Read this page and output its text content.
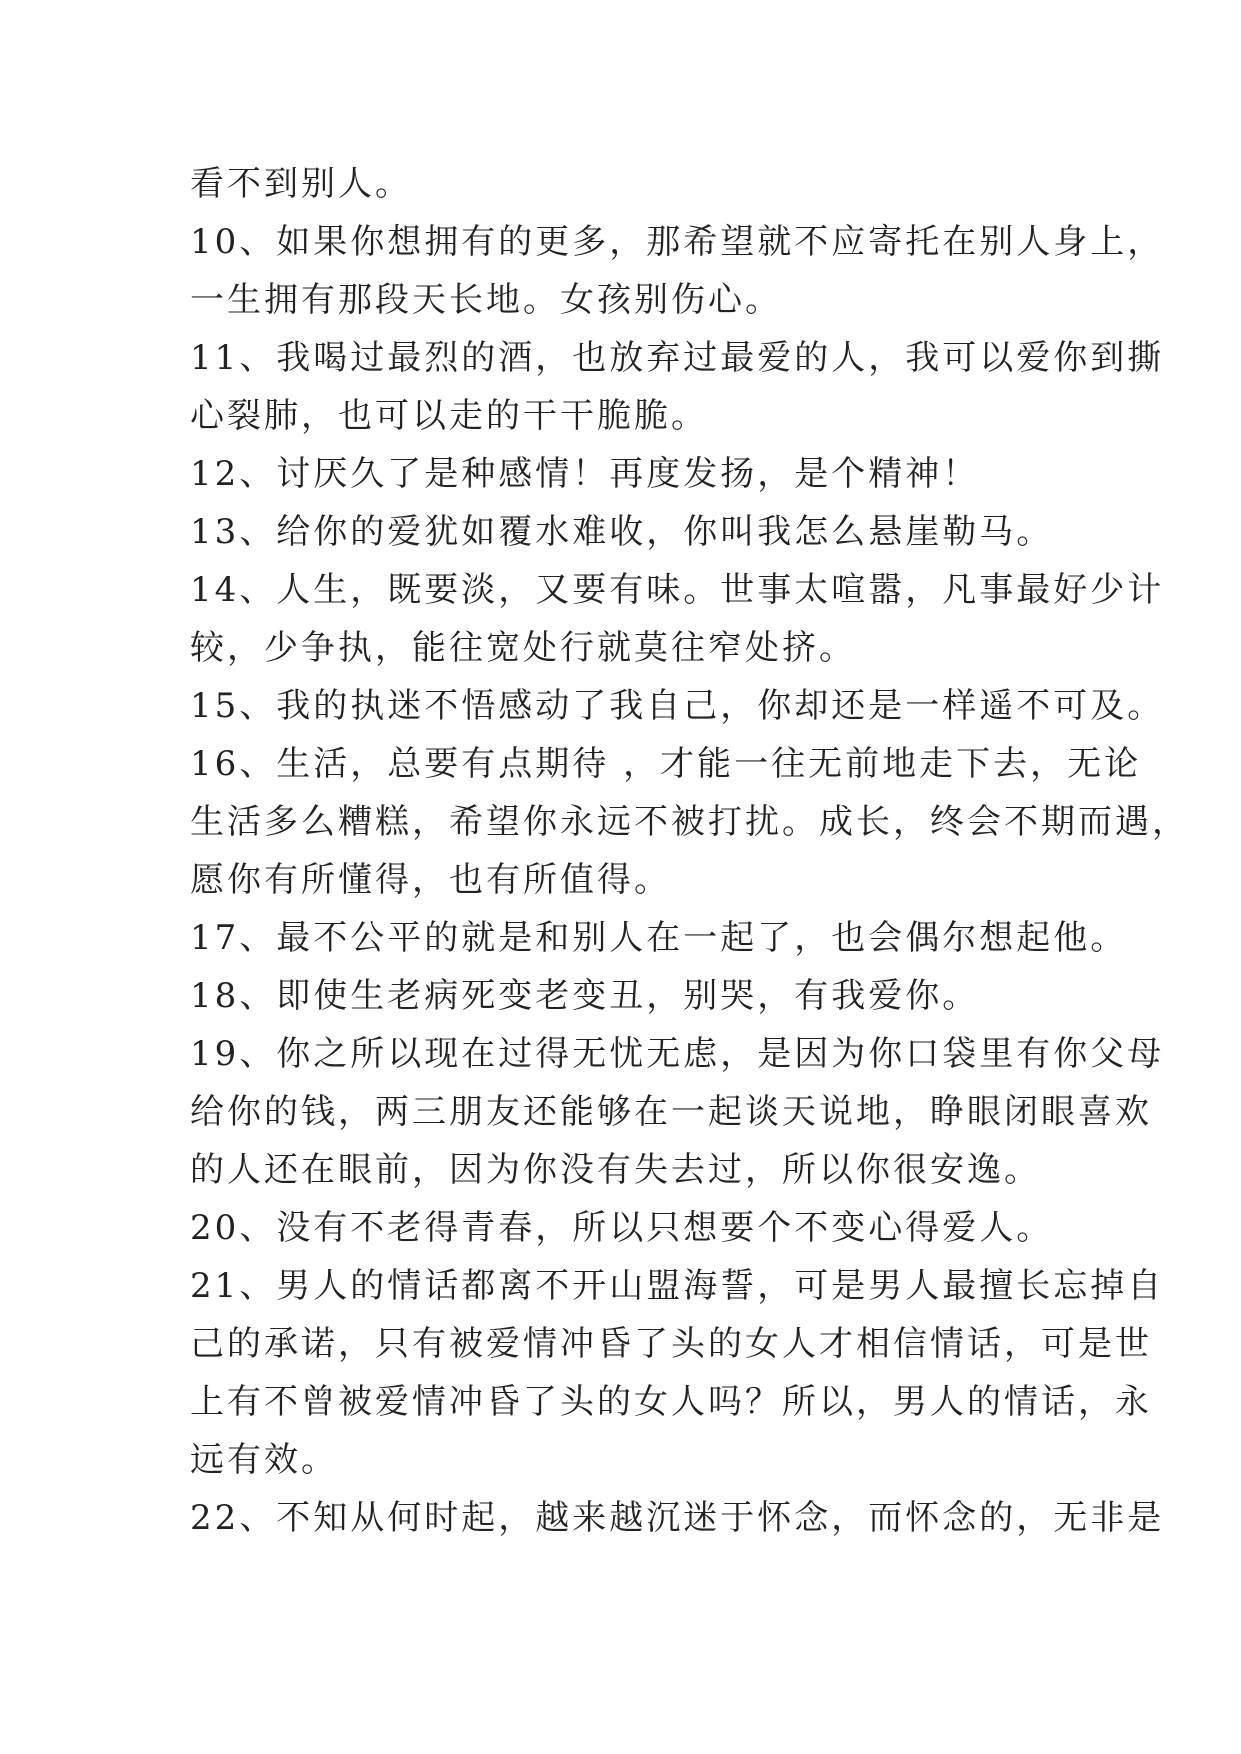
看不到别人。
10、如果你想拥有的更多，那希望就不应寄托在别人身上，
一生拥有那段天长地。女孩别伤心。
11、我喝过最烈的酒，也放弃过最爱的人，我可以爱你到撕
心裂肺，也可以走的干干脆脆。
12、讨厌久了是种感情！再度发扬，是个精神！
13、给你的爱犹如覆水难收，你叫我怎么悬崖勒马。
14、人生，既要淡，又要有味。世事太喧嚣，凡事最好少计
较，少争执，能往宽处行就莫往窄处挤。
15、我的执迷不悟感动了我自己，你却还是一样遥不可及。
16、生活，总要有点期待 ，才能一往无前地走下去，无论
生活多么糟糕，希望你永远不被打扰。成长，终会不期而遇，
愿你有所懂得，也有所值得。
17、最不公平的就是和别人在一起了，也会偶尔想起他。
18、即使生老病死变老变丑，别哭，有我爱你。
19、你之所以现在过得无忧无虑，是因为你口袋里有你父母
给你的钱，两三朋友还能够在一起谈天说地，睁眼闭眼喜欢
的人还在眼前，因为你没有失去过，所以你很安逸。
20、没有不老得青春，所以只想要个不变心得爱人。
21、男人的情话都离不开山盟海誓，可是男人最擅长忘掉自
己的承诺，只有被爱情冲昏了头的女人才相信情话，可是世
上有不曾被爱情冲昏了头的女人吗？所以，男人的情话，永
远有效。
22、不知从何时起，越来越沉迷于怀念，而怀念的，无非是
